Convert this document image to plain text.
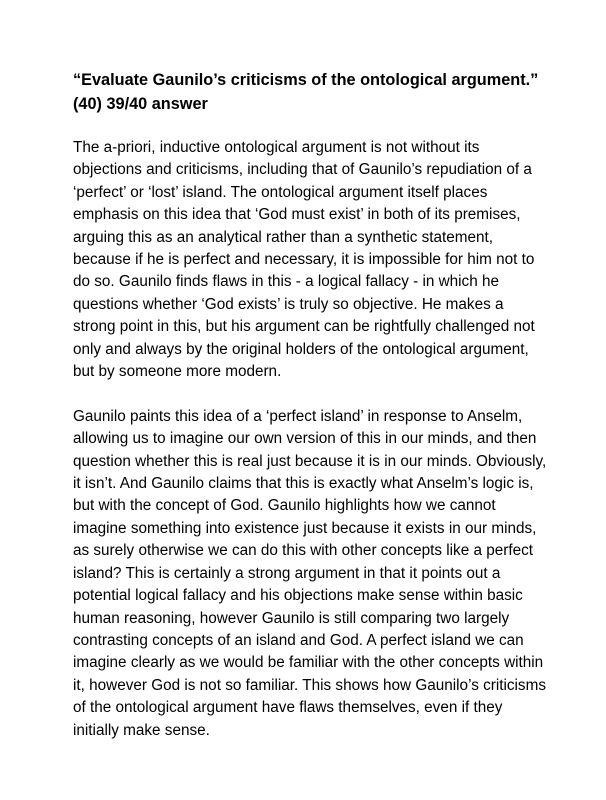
“Evaluate Gaunilo’s criticisms of the ontological argument.”
(40) 39/40 answer
The a-priori, inductive ontological argument is not without its
objections and criticisms, including that of Gaunilo’s repudiation of a
‘perfect’ or ‘lost’ island. The ontological argument itself places
emphasis on this idea that ‘God must exist’ in both of its premises,
arguing this as an analytical rather than a synthetic statement,
because if he is perfect and necessary, it is impossible for him not to
do so. Gaunilo finds flaws in this - a logical fallacy - in which he
questions whether ‘God exists’ is truly so objective. He makes a
strong point in this, but his argument can be rightfully challenged not
only and always by the original holders of the ontological argument,
but by someone more modern.
Gaunilo paints this idea of a ‘perfect island’ in response to Anselm,
allowing us to imagine our own version of this in our minds, and then
question whether this is real just because it is in our minds. Obviously,
it isn’t. And Gaunilo claims that this is exactly what Anselm’s logic is,
but with the concept of God. Gaunilo highlights how we cannot
imagine something into existence just because it exists in our minds,
as surely otherwise we can do this with other concepts like a perfect
island? This is certainly a strong argument in that it points out a
potential logical fallacy and his objections make sense within basic
human reasoning, however Gaunilo is still comparing two largely
contrasting concepts of an island and God. A perfect island we can
imagine clearly as we would be familiar with the other concepts within
it, however God is not so familiar. This shows how Gaunilo’s criticisms
of the ontological argument have flaws themselves, even if they
initially make sense.
